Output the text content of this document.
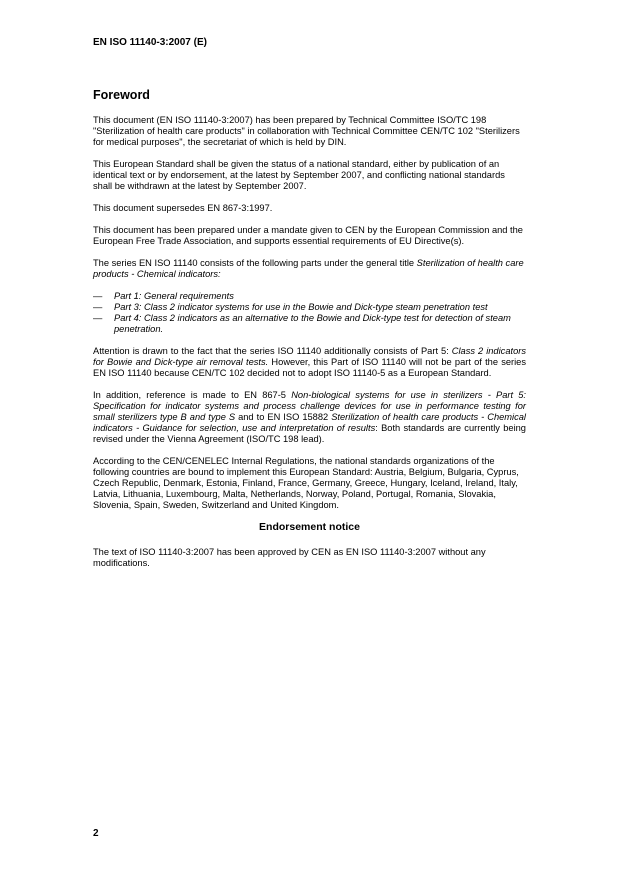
EN ISO 11140-3:2007 (E)
Foreword

This document (EN ISO 11140-3:2007) has been prepared by Technical Committee ISO/TC 198 "Sterilization of health care products" in collaboration with Technical Committee CEN/TC 102 "Sterilizers for medical purposes", the secretariat of which is held by DIN.

This European Standard shall be given the status of a national standard, either by publication of an identical text or by endorsement, at the latest by September 2007, and conflicting national standards shall be withdrawn at the latest by September 2007.

This document supersedes EN 867-3:1997.

This document has been prepared under a mandate given to CEN by the European Commission and the European Free Trade Association, and supports essential requirements of EU Directive(s).

The series EN ISO 11140 consists of the following parts under the general title Sterilization of health care products - Chemical indicators:

— Part 1: General requirements
— Part 3: Class 2 indicator systems for use in the Bowie and Dick-type steam penetration test
— Part 4: Class 2 indicators as an alternative to the Bowie and Dick-type test for detection of steam penetration.

Attention is drawn to the fact that the series ISO 11140 additionally consists of Part 5: Class 2 indicators for Bowie and Dick-type air removal tests. However, this Part of ISO 11140 will not be part of the series EN ISO 11140 because CEN/TC 102 decided not to adopt ISO 11140-5 as a European Standard.

In addition, reference is made to EN 867-5 Non-biological systems for use in sterilizers - Part 5: Specification for indicator systems and process challenge devices for use in performance testing for small sterilizers type B and type S and to EN ISO 15882 Sterilization of health care products - Chemical indicators - Guidance for selection, use and interpretation of results: Both standards are currently being revised under the Vienna Agreement (ISO/TC 198 lead).

According to the CEN/CENELEC Internal Regulations, the national standards organizations of the following countries are bound to implement this European Standard: Austria, Belgium, Bulgaria, Cyprus, Czech Republic, Denmark, Estonia, Finland, France, Germany, Greece, Hungary, Iceland, Ireland, Italy, Latvia, Lithuania, Luxembourg, Malta, Netherlands, Norway, Poland, Portugal, Romania, Slovakia, Slovenia, Spain, Sweden, Switzerland and United Kingdom.

Endorsement notice

The text of ISO 11140-3:2007 has been approved by CEN as EN ISO 11140-3:2007 without any modifications.

2
